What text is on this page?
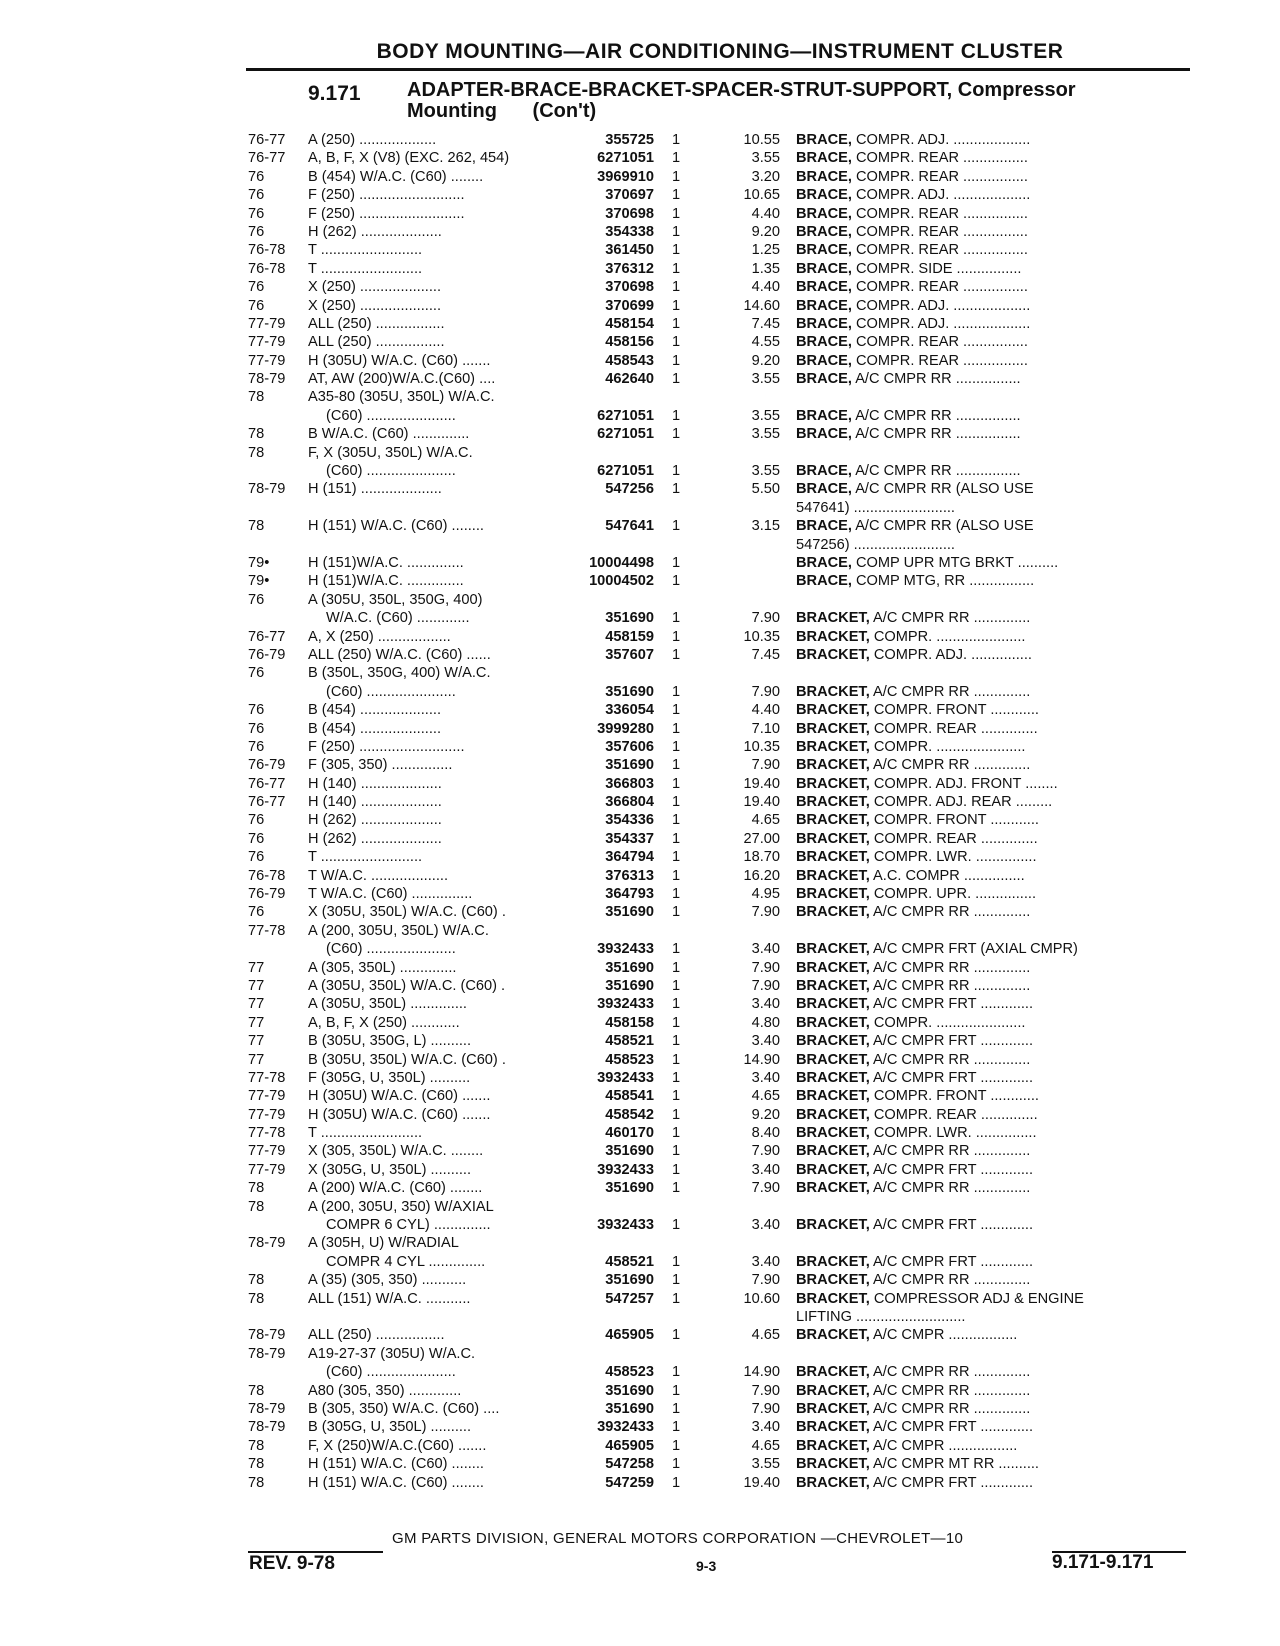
BODY MOUNTING—AIR CONDITIONING—INSTRUMENT CLUSTER
9.171 ADAPTER-BRACE-BRACKET-SPACER-STRUT-SUPPORT, Compressor
Mounting (Con't)
76-77 A (250) ...................	355725 1	10.55 BRACE, COMPR. ADJ. ...................
76-77 A, B, F, X (V8) (EXC. 262, 454)	6271051 1	3.55 BRACE, COMPR. REAR ................
76	B (454) W/A.C. (C60) ........	3969910 1	3.20 BRACE, COMPR. REAR ................
76	F (250) ..........................	370697 1	10.65 BRACE, COMPR. ADJ. ...................
76	F (250) ..........................	370698 1	4.40 BRACE, COMPR. REAR ................
76	H (262) ....................	354338 1	9.20 BRACE, COMPR. REAR ................
76-78 T .........................	361450 1	1.25 BRACE, COMPR. REAR ................
76-78 T .........................	376312 1	1.35 BRACE, COMPR. SIDE ................
76	X (250) ....................	370698 1	4.40 BRACE, COMPR. REAR ................
76	X (250) ....................	370699 1	14.60 BRACE, COMPR. ADJ. ...................
77-79 ALL (250) .................	458154 1	7.45 BRACE, COMPR. ADJ. ...................
77-79 ALL (250) .................	458156 1	4.55 BRACE, COMPR. REAR ................
77-79 H (305U) W/A.C. (C60) .......	458543 1	9.20 BRACE, COMPR. REAR ................
78-79 AT, AW (200)W/A.C.(C60) ....	462640 1	3.55 BRACE, A/C CMPR RR ................
78	A35-80 (305U, 350L) W/A.C.
(C60) ......................	6271051 1	3.55 BRACE, A/C CMPR RR ................
78	B W/A.C. (C60) ..............	6271051 1	3.55 BRACE, A/C CMPR RR ................
78	F, X (305U, 350L) W/A.C.
(C60) ......................	6271051 1	3.55 BRACE, A/C CMPR RR ................
78-79 H (151) ....................	547256 1	5.50 BRACE, A/C CMPR RR (ALSO USE
547641) .........................
78	H (151) W/A.C. (C60) ........	547641 1	3.15 BRACE, A/C CMPR RR (ALSO USE
547256) .........................
79•	H (151)W/A.C. ..............	10004498 1	BRACE, COMP UPR MTG BRKT ..........
79•	H (151)W/A.C. ..............	10004502 1	BRACE, COMP MTG, RR ................
76	A (305U, 350L, 350G, 400)
W/A.C. (C60) .............	351690 1	7.90 BRACKET, A/C CMPR RR ..............
76-77 A, X (250) ..................	458159 1	10.35 BRACKET, COMPR. ......................
76-79 ALL (250) W/A.C. (C60) ......	357607 1	7.45 BRACKET, COMPR. ADJ. ...............
76	B (350L, 350G, 400) W/A.C.
(C60) ......................	351690 1	7.90 BRACKET, A/C CMPR RR ..............
76	B (454) ....................	336054 1	4.40 BRACKET, COMPR. FRONT ............
76	B (454) ....................	3999280 1	7.10 BRACKET, COMPR. REAR ..............
76	F (250) ..........................	357606 1	10.35 BRACKET, COMPR. ......................
76-79 F (305, 350) ...............	351690 1	7.90 BRACKET, A/C CMPR RR ..............
76-77 H (140) ....................	366803 1	19.40 BRACKET, COMPR. ADJ. FRONT ........
76-77 H (140) ....................	366804 1	19.40 BRACKET, COMPR. ADJ. REAR .........
76	H (262) ....................	354336 1	4.65 BRACKET, COMPR. FRONT ............
76	H (262) ....................	354337 1	27.00 BRACKET, COMPR. REAR ..............
76	T .........................	364794 1	18.70 BRACKET, COMPR. LWR. ...............
76-78 T W/A.C. ...................	376313 1	16.20 BRACKET, A.C. COMPR ...............
76-79 T W/A.C. (C60) ...............	364793 1	4.95 BRACKET, COMPR. UPR. ...............
76	X (305U, 350L) W/A.C. (C60) .	351690 1	7.90 BRACKET, A/C CMPR RR ..............
77-78 A (200, 305U, 350L) W/A.C.
(C60) ......................	3932433 1	3.40 BRACKET, A/C CMPR FRT (AXIAL CMPR)
77	A (305, 350L) ..............	351690 1	7.90 BRACKET, A/C CMPR RR ..............
77	A (305U, 350L) W/A.C. (C60) .	351690 1	7.90 BRACKET, A/C CMPR RR ..............
77	A (305U, 350L) ..............	3932433 1	3.40 BRACKET, A/C CMPR FRT .............
77	A, B, F, X (250) ............	458158 1	4.80 BRACKET, COMPR. ......................
77	B (305U, 350G, L) ..........	458521 1	3.40 BRACKET, A/C CMPR FRT .............
77	B (305U, 350L) W/A.C. (C60) .	458523 1	14.90 BRACKET, A/C CMPR RR ..............
77-78 F (305G, U, 350L) ..........	3932433 1	3.40 BRACKET, A/C CMPR FRT .............
77-79 H (305U) W/A.C. (C60) .......	458541 1	4.65 BRACKET, COMPR. FRONT ............
77-79 H (305U) W/A.C. (C60) .......	458542 1	9.20 BRACKET, COMPR. REAR ..............
77-78 T .........................	460170 1	8.40 BRACKET, COMPR. LWR. ...............
77-79 X (305, 350L) W/A.C. ........	351690 1	7.90 BRACKET, A/C CMPR RR ..............
77-79 X (305G, U, 350L) ..........	3932433 1	3.40 BRACKET, A/C CMPR FRT .............
78	A (200) W/A.C. (C60) ........	351690 1	7.90 BRACKET, A/C CMPR RR ..............
78	A (200, 305U, 350) W/AXIAL
COMPR 6 CYL) ..............	3932433 1	3.40 BRACKET, A/C CMPR FRT .............
78-79 A (305H, U) W/RADIAL
COMPR 4 CYL ..............	458521 1	3.40 BRACKET, A/C CMPR FRT .............
78	A (35) (305, 350) ...........	351690 1	7.90 BRACKET, A/C CMPR RR ..............
78	ALL (151) W/A.C. ...........	547257 1	10.60 BRACKET, COMPRESSOR ADJ & ENGINE
LIFTING ...........................
78-79 ALL (250) .................	465905 1	4.65 BRACKET, A/C CMPR .................
78-79 A19-27-37 (305U) W/A.C.
(C60) ......................	458523 1	14.90 BRACKET, A/C CMPR RR ..............
78	A80 (305, 350) .............	351690 1	7.90 BRACKET, A/C CMPR RR ..............
78-79 B (305, 350) W/A.C. (C60) ....	351690 1	7.90 BRACKET, A/C CMPR RR ..............
78-79 B (305G, U, 350L) ..........	3932433 1	3.40 BRACKET, A/C CMPR FRT .............
78	F, X (250)W/A.C.(C60) .......	465905 1	4.65 BRACKET, A/C CMPR .................
78	H (151) W/A.C. (C60) ........	547258 1	3.55 BRACKET, A/C CMPR MT RR ..........
78	H (151) W/A.C. (C60) ........	547259 1	19.40 BRACKET, A/C CMPR FRT .............
GM PARTS DIVISION, GENERAL MOTORS CORPORATION —CHEVROLET—10
REV. 9-78	9-3	9.171-9.171
